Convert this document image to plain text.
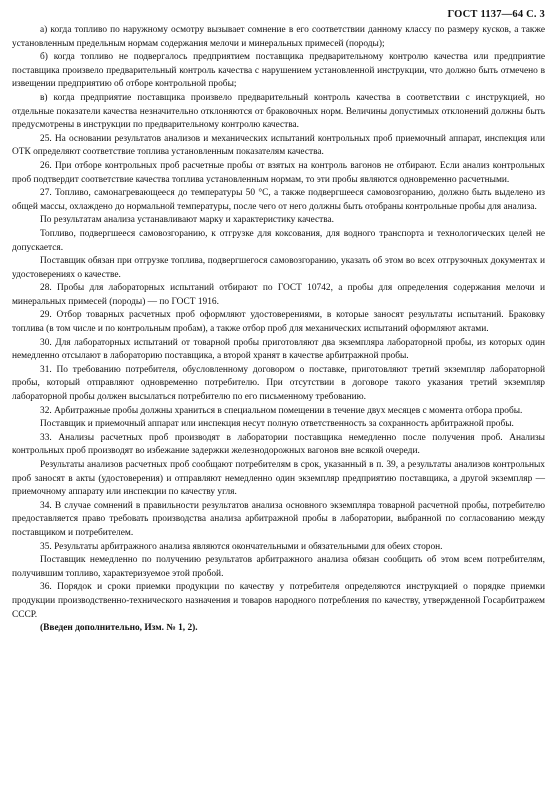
ГОСТ 1137—64 С. 3

а) когда топливо по наружному осмотру вызывает сомнение в его соответствии данному классу по размеру кусков, а также установленным предельным нормам содержания мелочи и минеральных примесей (породы);

б) когда топливо не подвергалось предприятием поставщика предварительному контролю качества или предприятие поставщика произвело предварительный контроль качества с нарушением установленной инструкции, что должно быть отмечено в извещении предприятию об отборе контрольной пробы;

в) когда предприятие поставщика произвело предварительный контроль качества в соответствии с инструкцией, но отдельные показатели качества незначительно отклоняются от браковочных норм. Величины допустимых отклонений должны быть предусмотрены в инструкции по предварительному контролю качества.

25. На основании результатов анализов и механических испытаний контрольных проб приемочный аппарат, инспекция или ОТК определяют соответствие топлива установленным показателям качества.

26. При отборе контрольных проб расчетные пробы от взятых на контроль вагонов не отбирают. Если анализ контрольных проб подтвердит соответствие качества топлива установленным нормам, то эти пробы являются одновременно расчетными.

27. Топливо, самонагревающееся до температуры 50 °С, а также подвергшееся самовозгоранию, должно быть выделено из общей массы, охлаждено до нормальной температуры, после чего от него должны быть отобраны контрольные пробы для анализа.

По результатам анализа устанавливают марку и характеристику качества.

Топливо, подвергшееся самовозгоранию, к отгрузке для коксования, для водного транспорта и технологических целей не допускается.

Поставщик обязан при отгрузке топлива, подвергшегося самовозгоранию, указать об этом во всех отгрузочных документах и удостоверениях о качестве.

28. Пробы для лабораторных испытаний отбирают по ГОСТ 10742, а пробы для определения содержания мелочи и минеральных примесей (породы) — по ГОСТ 1916.

29. Отбор товарных расчетных проб оформляют удостоверениями, в которые заносят результаты испытаний. Браковку топлива (в том числе и по контрольным пробам), а также отбор проб для механических испытаний оформляют актами.

30. Для лабораторных испытаний от товарной пробы приготовляют два экземпляра лабораторной пробы, из которых один немедленно отсылают в лабораторию поставщика, а второй хранят в качестве арбитражной пробы.

31. По требованию потребителя, обусловленному договором о поставке, приготовляют третий экземпляр лабораторной пробы, который отправляют одновременно потребителю. При отсутствии в договоре такого указания третий экземпляр лабораторной пробы должен высылаться потребителю по его письменному требованию.

32. Арбитражные пробы должны храниться в специальном помещении в течение двух месяцев с момента отбора пробы.

Поставщик и приемочный аппарат или инспекция несут полную ответственность за сохранность арбитражной пробы.

33. Анализы расчетных проб производят в лаборатории поставщика немедленно после получения проб. Анализы контрольных проб производят во избежание задержки железнодорожных вагонов вне всякой очереди.

Результаты анализов расчетных проб сообщают потребителям в срок, указанный в п. 39, а результаты анализов контрольных проб заносят в акты (удостоверения) и отправляют немедленно один экземпляр предприятию поставщика, а другой экземпляр — приемочному аппарату или инспекции по качеству угля.

34. В случае сомнений в правильности результатов анализа основного экземпляра товарной расчетной пробы, потребителю предоставляется право требовать производства анализа арбитражной пробы в лаборатории, выбранной по согласованию между поставщиком и потребителем.

35. Результаты арбитражного анализа являются окончательными и обязательными для обеих сторон.

Поставщик немедленно по получению результатов арбитражного анализа обязан сообщить об этом всем потребителям, получившим топливо, характеризуемое этой пробой.

36. Порядок и сроки приемки продукции по качеству у потребителя определяются инструкцией о порядке приемки продукции производственно-технического назначения и товаров народного потребления по качеству, утвержденной Госарбитражем СССР.

(Введен дополнительно, Изм. № 1, 2).
